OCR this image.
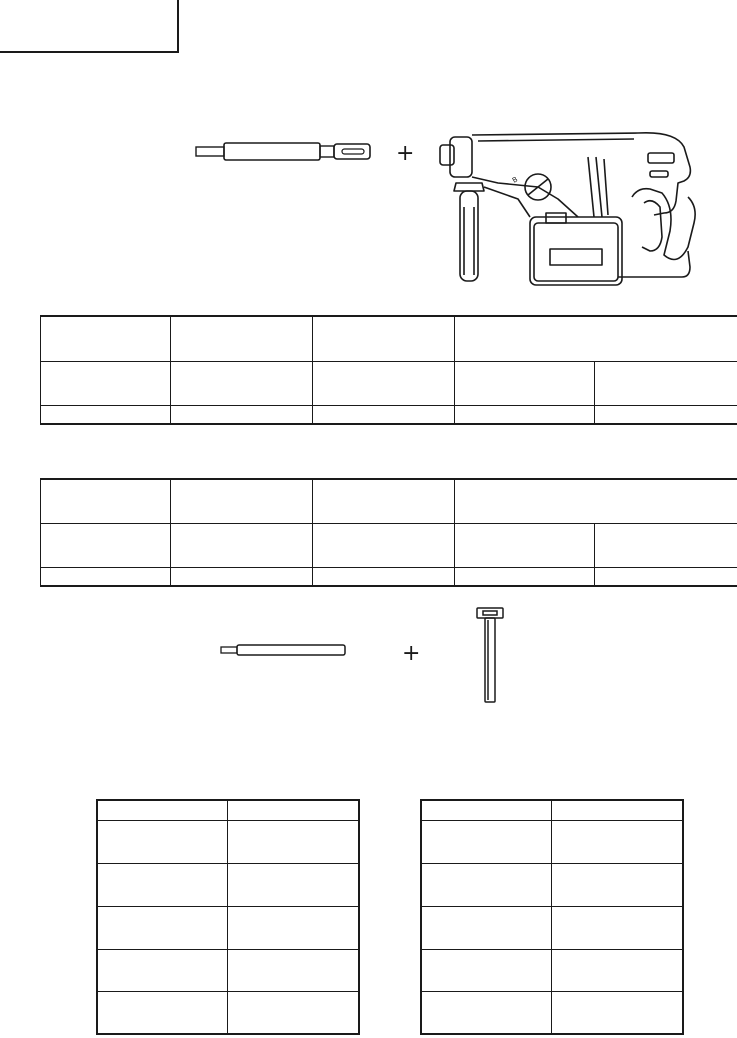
+
B

+
